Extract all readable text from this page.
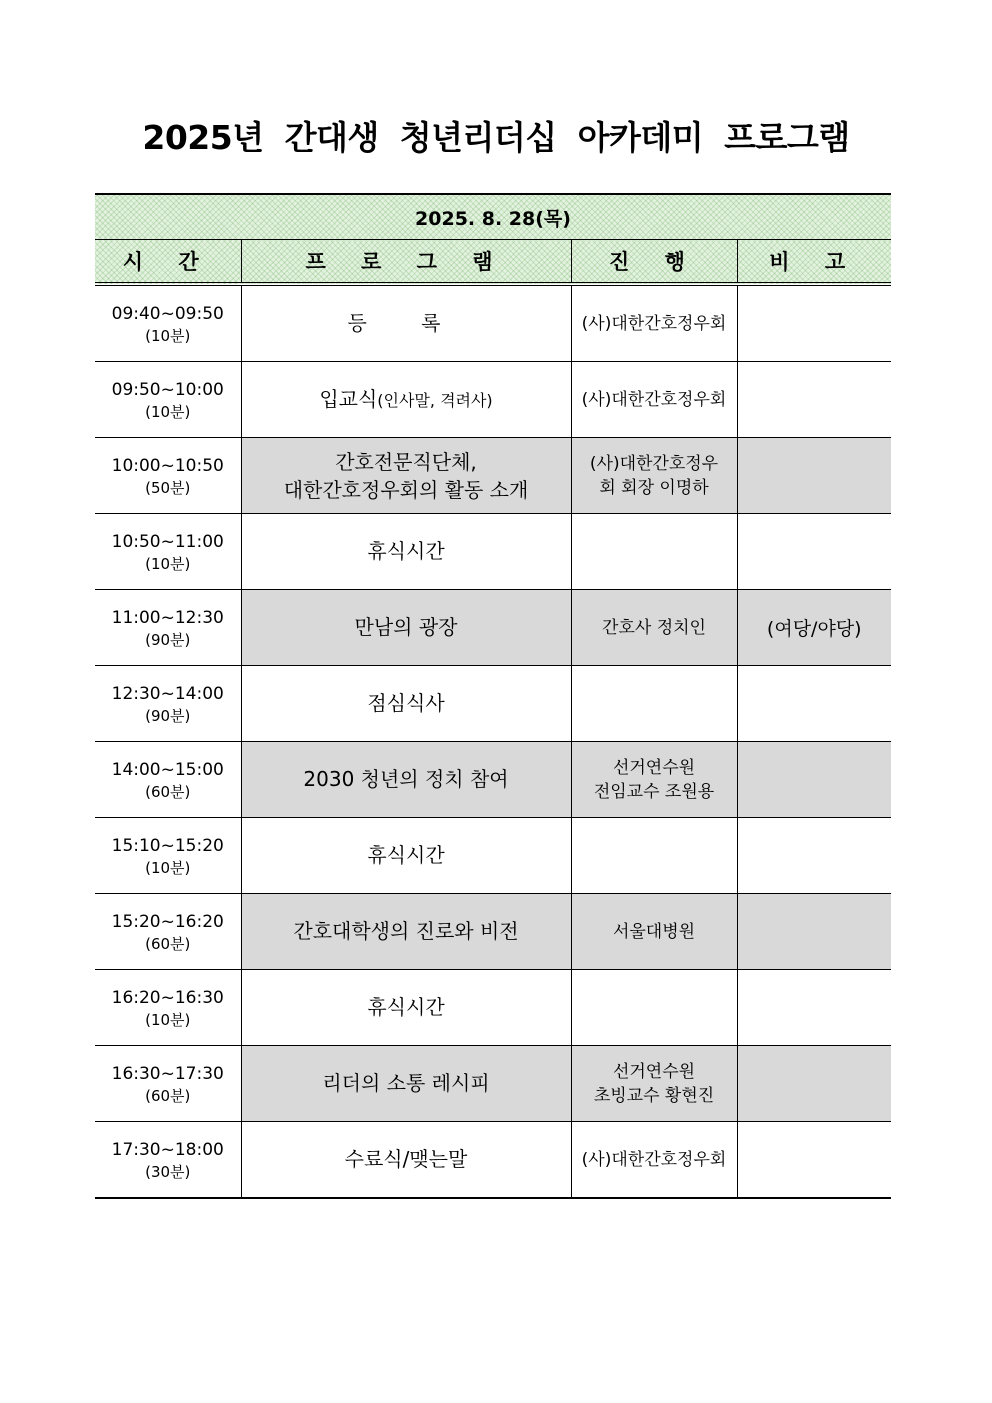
2025년 간대생 청년리더십 아카데미 프로그램
2025. 8. 28(목)			
시 간	프 로 그 램	진 행	비 고

09:40~09:50
(10분)	등 록	(사)대한간호정우회	

09:50~10:00
(10분)	입교식(인사말, 격려사)	(사)대한간호정우회	

10:00~10:50
(50분)	간호전문직단체,
대한간호정우회의 활동 소개	(사)대한간호정우
회 회장 이명하	

10:50~11:00
(10분)	휴식시간

11:00~12:30
(90분)	만남의 광장	간호사 정치인	(여당/야당)

12:30~14:00
(90분)	점심식사

14:00~15:00
(60분)	2030 청년의 정치 참여	선거연수원
전임교수 조원용	

15:10~15:20
(10분)	휴식시간

15:20~16:20
(60분)	간호대학생의 진로와 비전	서울대병원	

16:20~16:30
(10분)	휴식시간

16:30~17:30
(60분)	리더의 소통 레시피	선거연수원
초빙교수 황현진	

17:30~18:00
(30분)	수료식/맺는말	(사)대한간호정우회	
